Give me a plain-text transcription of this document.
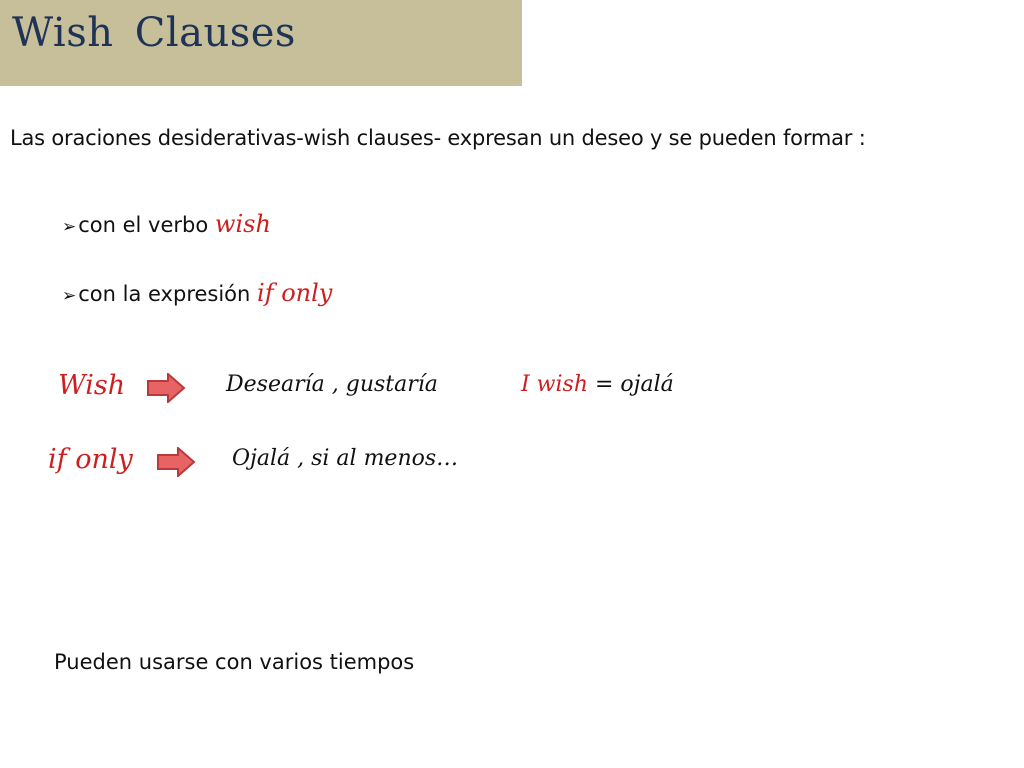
Wish Clauses
Las oraciones desiderativas-wish clauses- expresan un deseo y se pueden formar :
➢con el verbo wish
➢con la expresión if only
Wish	Desearía , gustaría	I wish = ojalá
if only	Ojalá , si al menos…
Pueden usarse con varios tiempos
